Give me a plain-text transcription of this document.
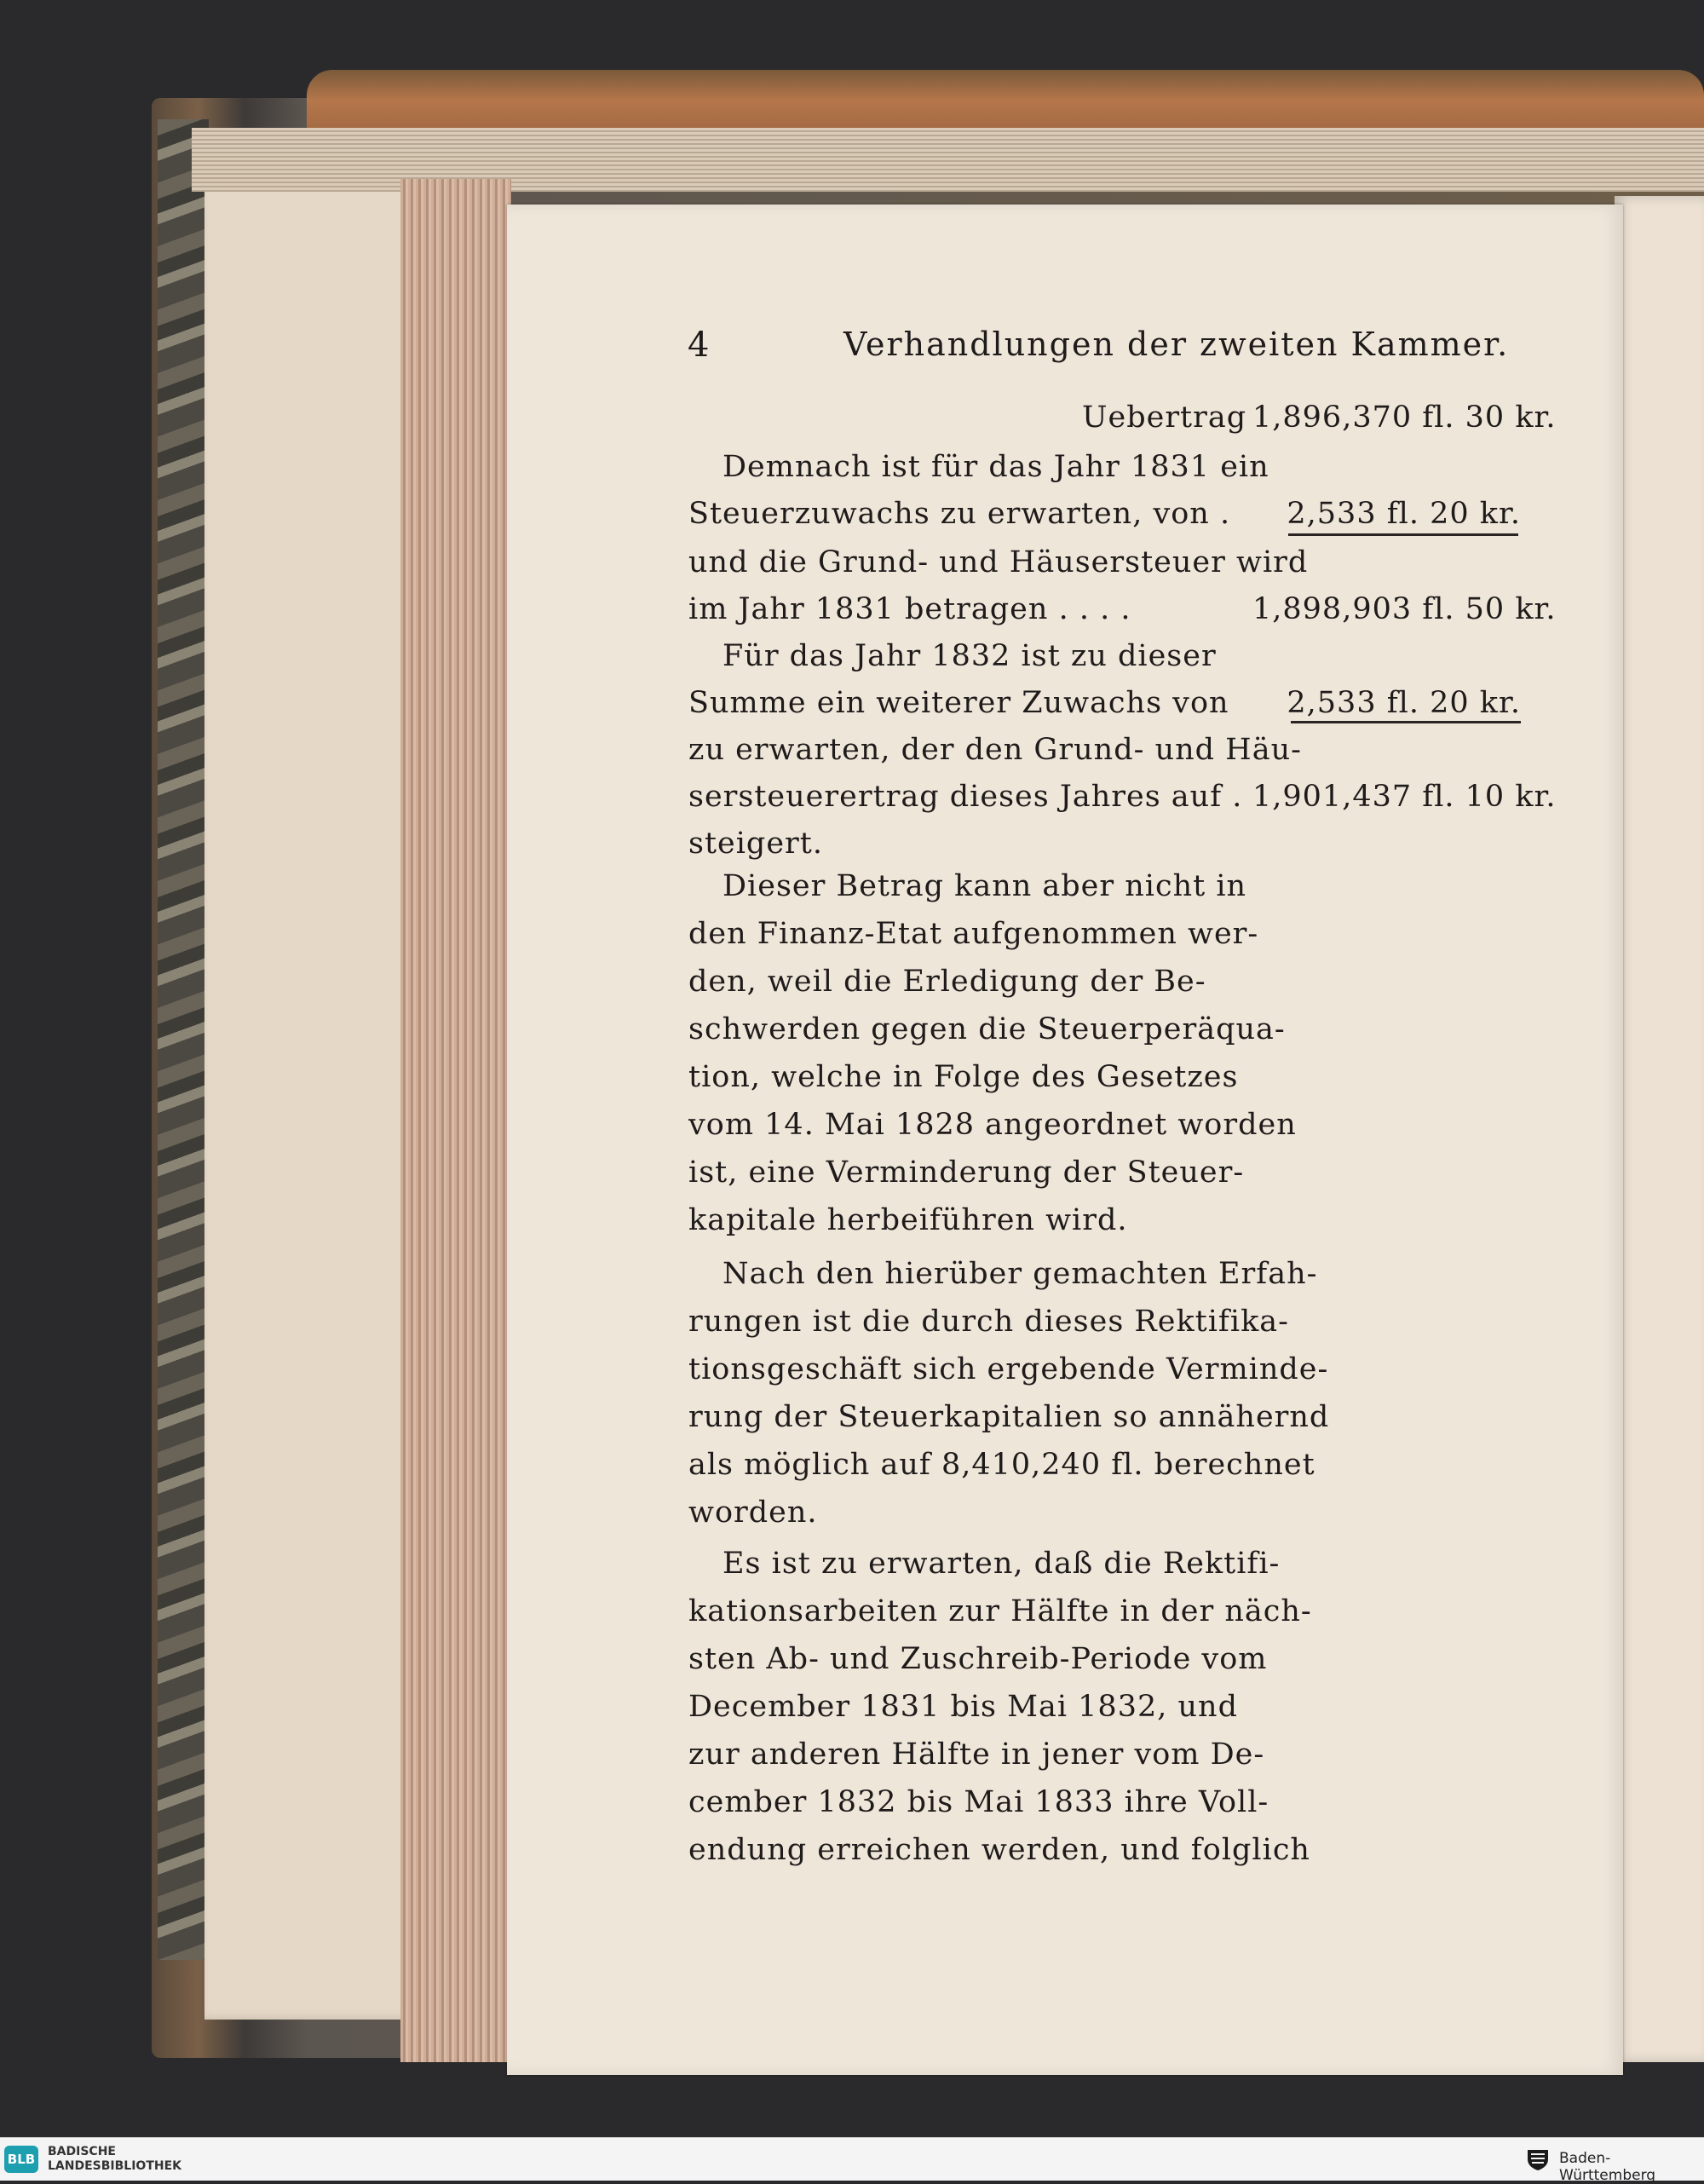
4	Verhandlungen der zweiten Kammer.
Uebertrag 1,896,370 fl. 30 kr.
Demnach ist für das Jahr 1831 ein
Steuerzuwachs zu erwarten, von . 2,533 fl. 20 kr.
und die Grund- und Häusersteuer wird
im Jahr 1831 betragen . . . .	1,898,903 fl. 50 kr.
Für das Jahr 1832 ist zu dieser
Summe ein weiterer Zuwachs von 2,533 fl. 20 kr.
zu erwarten, der den Grund- und Häu-
sersteuerertrag dieses Jahres auf . 1,901,437 fl. 10 kr.
steigert.
Dieser Betrag kann aber nicht in
den Finanz-Etat aufgenommen wer-
den, weil die Erledigung der Be-
schwerden gegen die Steuerperäqua-
tion, welche in Folge des Gesetzes
vom 14. Mai 1828 angeordnet worden
ist, eine Verminderung der Steuer-
kapitale herbeiführen wird.
Nach den hierüber gemachten Erfah-
rungen ist die durch dieses Rektifika-
tionsgeschäft sich ergebende Verminde-
rung der Steuerkapitalien so annähernd
als möglich auf 8,410,240 fl. berechnet
worden.
Es ist zu erwarten, daß die Rektifi-
kationsarbeiten zur Hälfte in der näch-
sten Ab- und Zuschreib-Periode vom
December 1831 bis Mai 1832, und
zur anderen Hälfte in jener vom De-
cember 1832 bis Mai 1833 ihre Voll-
endung erreichen werden, und folglich
BLB BADISCHE
LANDESBIBLIOTHEK	Baden-Württemberg
